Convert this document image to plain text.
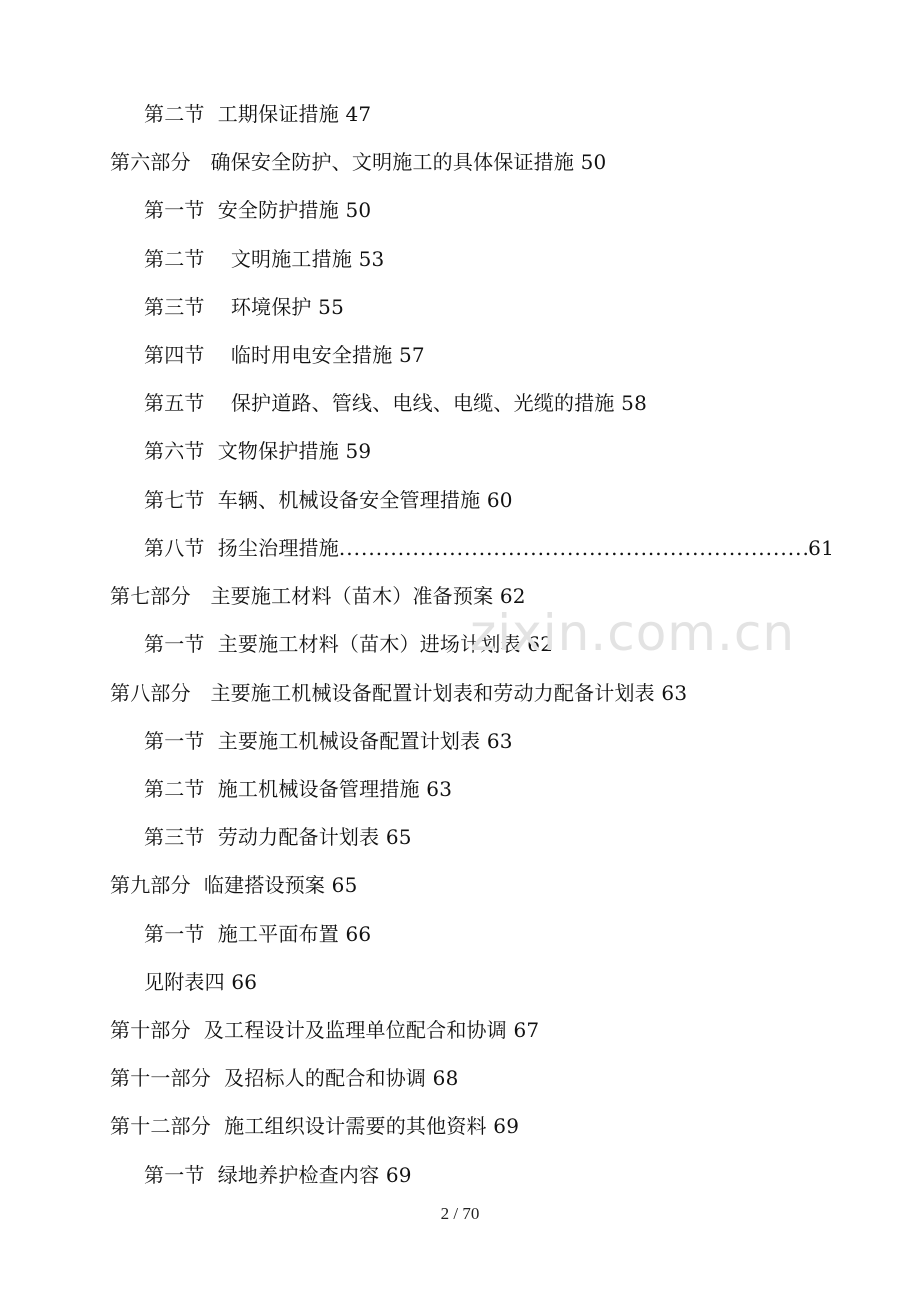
第二节  工期保证措施 47
第六部分   确保安全防护、文明施工的具体保证措施 50
第一节  安全防护措施 50
第二节    文明施工措施 53
第三节    环境保护 55
第四节    临时用电安全措施 57
第五节    保护道路、管线、电线、电缆、光缆的措施 58
第六节  文物保护措施 59
第七节  车辆、机械设备安全管理措施 60
第八节  扬尘治理措施
.....	61
第七部分   主要施工材料（苗木）准备预案 62
第一节  主要施工材料（苗木）进场计划表 62
第八部分   主要施工机械设备配置计划表和劳动力配备计划表 63
第一节  主要施工机械设备配置计划表 63
第二节  施工机械设备管理措施 63
第三节  劳动力配备计划表 65
第九部分  临建搭设预案 65
第一节  施工平面布置 66
见附表四 66
第十部分  及工程设计及监理单位配合和协调 67
第十一部分  及招标人的配合和协调 68
第十二部分  施工组织设计需要的其他资料 69
第一节  绿地养护检查内容 69
zixin.com.cn
2 / 70
